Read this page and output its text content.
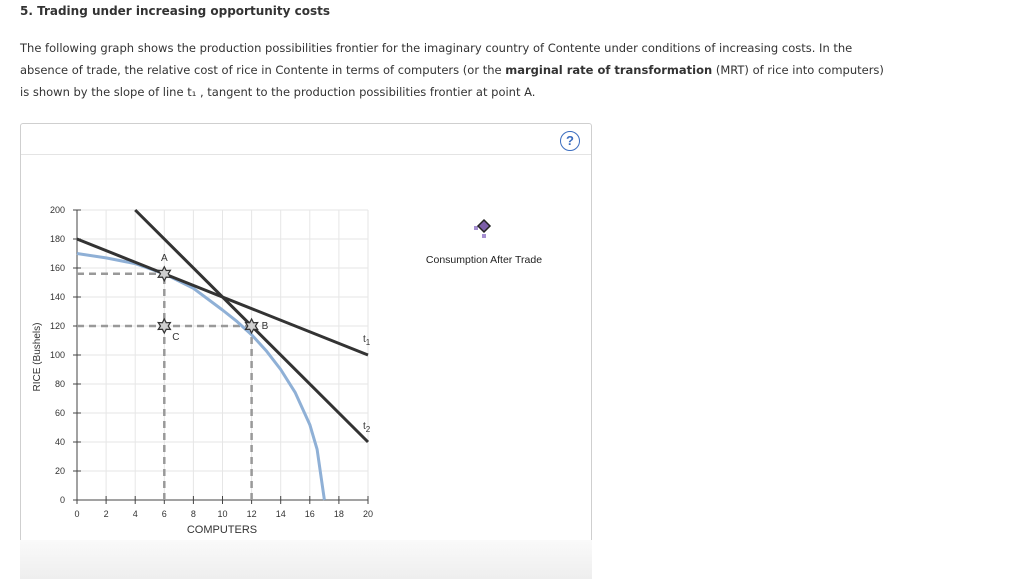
5. Trading under increasing opportunity costs
The following graph shows the production possibilities frontier for the imaginary country of Contente under conditions of increasing costs. In the
absence of trade, the relative cost of rice in Contente in terms of computers (or the marginal rate of transformation (MRT) of rice into computers)
is shown by the slope of line t₁ , tangent to the production possibilities frontier at point A.
?
0	2	4	6	8 10 12 14 16 18 20
0
20
40
60
80
100
120
140
160
180
200
$t_1$
$t_2$
A
B
C
COMPUTERS
RICE (Bushels)
Consumption After Trade
